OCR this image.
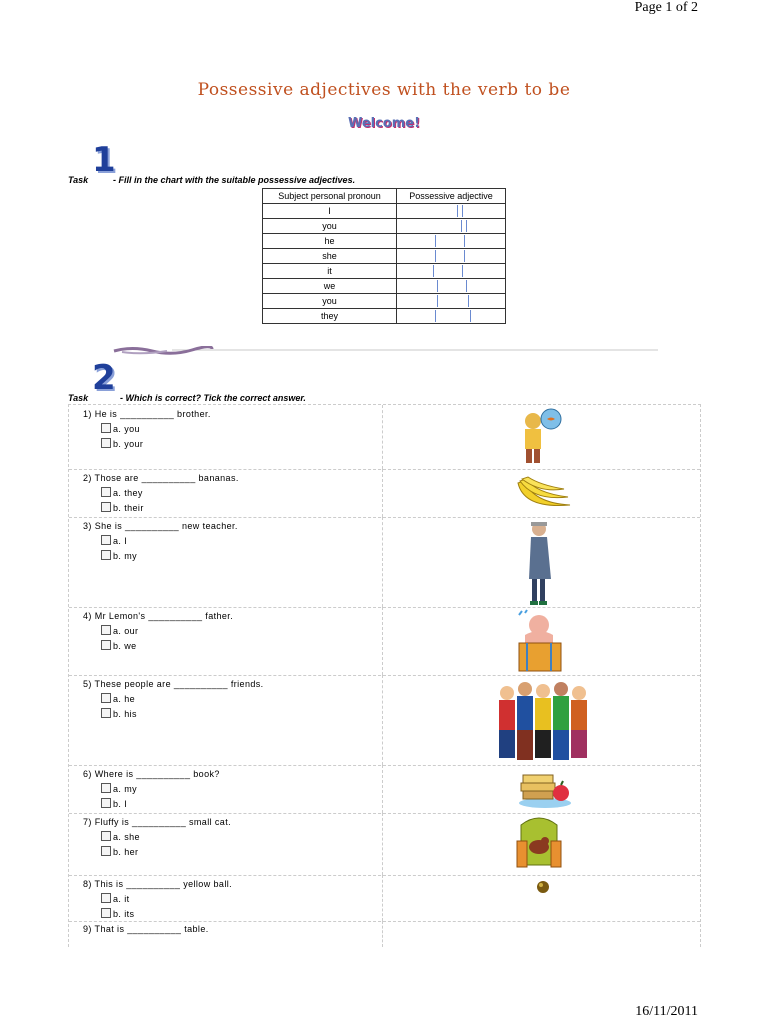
Page 1 of 2
Possessive adjectives with the verb to be
Welcome!
1
Task	- Fill in the chart with the suitable possessive adjectives.
Subject personal pronoun	Possessive adjective
I	

you	

he	

she	

it	

we	

you	

they	
2
Task	- Which is correct? Tick the correct answer.
1) He is __________ brother.
a. you
b. your
2) Those are __________ bananas.
a. they
b. their
3) She is __________ new teacher.
a. I
b. my
4) Mr Lemon's __________ father.
a. our
b. we
5) These people are __________ friends.
a. he
b. his
6) Where is __________ book?
a. my
b. I
7) Fluffy is __________ small cat.
a. she
b. her
8) This is __________ yellow ball.
a. it
b. its
9) That is __________ table.
16/11/2011
